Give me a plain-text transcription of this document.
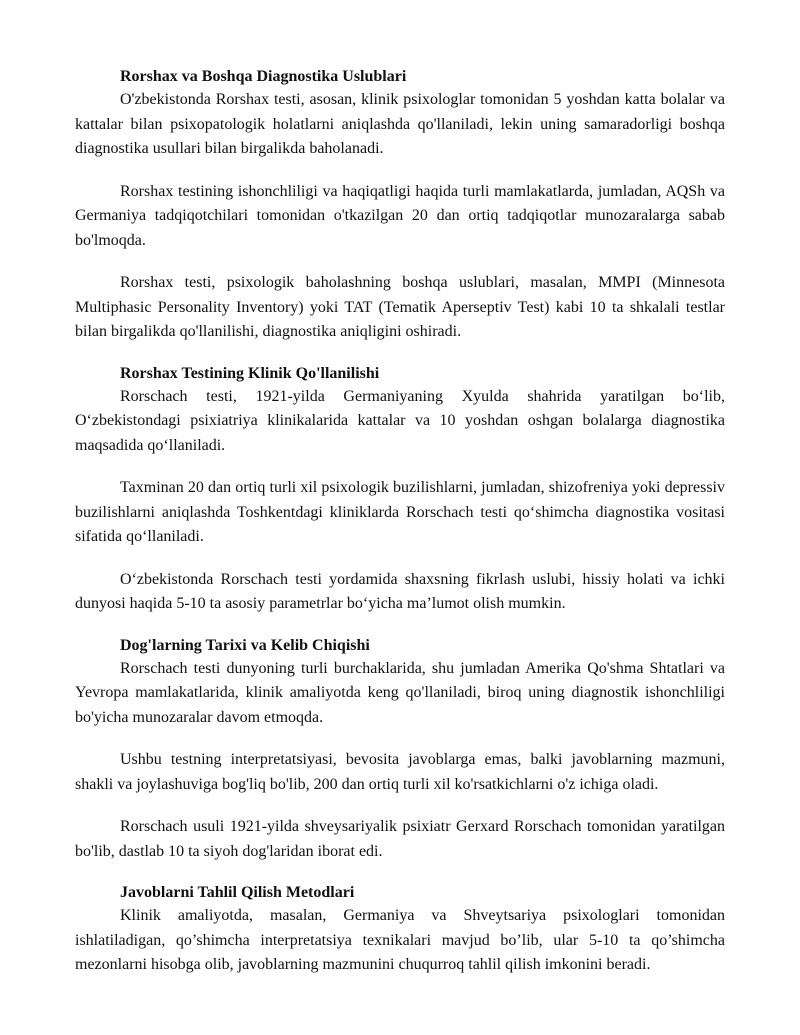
Rorshax va Boshqa Diagnostika Uslublari

O'zbekistonda Rorshax testi, asosan, klinik psixologlar tomonidan 5 yoshdan katta bolalar va kattalar bilan psixopatologik holatlarni aniqlashda qo'llaniladi, lekin uning samaradorligi boshqa diagnostika usullari bilan birgalikda baholanadi.

Rorshax testining ishonchliligi va haqiqatligi haqida turli mamlakatlarda, jumladan, AQSh va Germaniya tadqiqotchilari tomonidan o'tkazilgan 20 dan ortiq tadqiqotlar munozaralarga sabab bo'lmoqda.

Rorshax testi, psixologik baholashning boshqa uslublari, masalan, MMPI (Minnesota Multiphasic Personality Inventory) yoki TAT (Tematik Aperseptiv Test) kabi 10 ta shkalali testlar bilan birgalikda qo'llanilishi, diagnostika aniqligini oshiradi.

Rorshax Testining Klinik Qo'llanilishi

Rorschach testi, 1921-yilda Germaniyaning Xyulda shahrida yaratilgan bo‘lib, O‘zbekistondagi psixiatriya klinikalarida kattalar va 10 yoshdan oshgan bolalarga diagnostika maqsadida qo‘llaniladi.

Taxminan 20 dan ortiq turli xil psixologik buzilishlarni, jumladan, shizofreniya yoki depressiv buzilishlarni aniqlashda Toshkentdagi kliniklarda Rorschach testi qo‘shimcha diagnostika vositasi sifatida qo‘llaniladi.

O‘zbekistonda Rorschach testi yordamida shaxsning fikrlash uslubi, hissiy holati va ichki dunyosi haqida 5-10 ta asosiy parametrlar bo‘yicha ma’lumot olish mumkin.

Dog'larning Tarixi va Kelib Chiqishi

Rorschach testi dunyoning turli burchaklarida, shu jumladan Amerika Qo'shma Shtatlari va Yevropa mamlakatlarida, klinik amaliyotda keng qo'llaniladi, biroq uning diagnostik ishonchliligi bo'yicha munozaralar davom etmoqda.

Ushbu testning interpretatsiyasi, bevosita javoblarga emas, balki javoblarning mazmuni, shakli va joylashuviga bog'liq bo'lib, 200 dan ortiq turli xil ko'rsatkichlarni o'z ichiga oladi.

Rorschach usuli 1921-yilda shveysariyalik psixiatr Gerxard Rorschach tomonidan yaratilgan bo'lib, dastlab 10 ta siyoh dog'laridan iborat edi.

Javoblarni Tahlil Qilish Metodlari

Klinik amaliyotda, masalan, Germaniya va Shveytsariya psixologlari tomonidan ishlatiladigan, qo’shimcha interpretatsiya texnikalari mavjud bo’lib, ular 5-10 ta qo’shimcha mezonlarni hisobga olib, javoblarning mazmunini chuqurroq tahlil qilish imkonini beradi.
